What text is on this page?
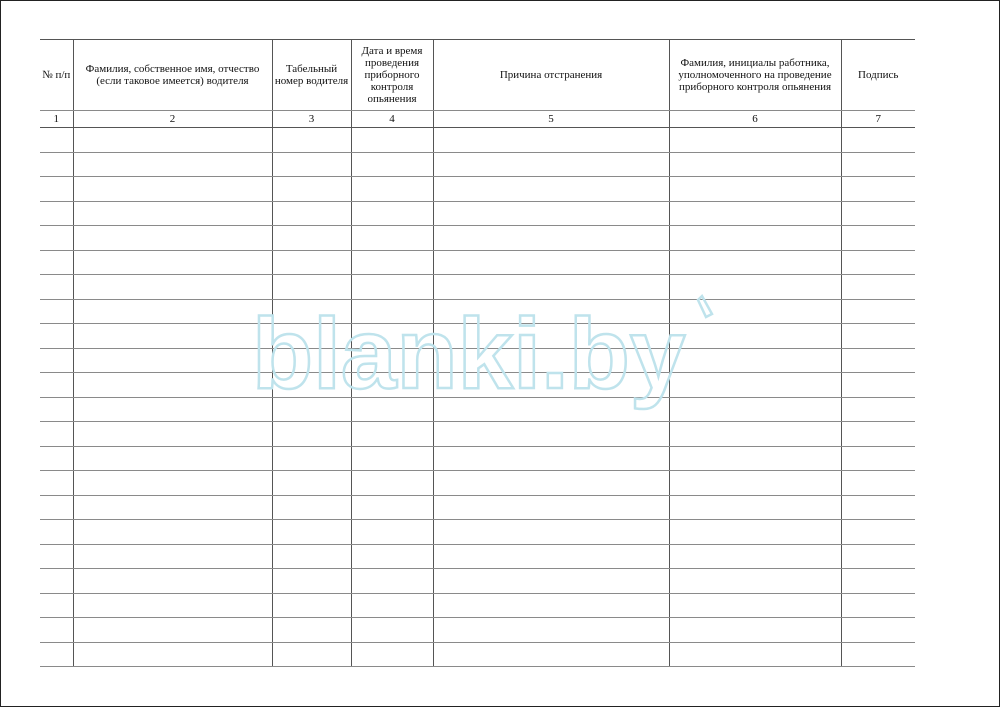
№ п/п	Фамилия, собственное имя, отчество (если таковое имеется) водителя	Табельный номер водителя	Дата и время проведения приборного контроля опьянения	Причина отстранения	Фамилия, инициалы работника, уполномоченного на проведение приборного контроля опьянения	Подпись
1	2	3	4	5	6	7

blanki.by
